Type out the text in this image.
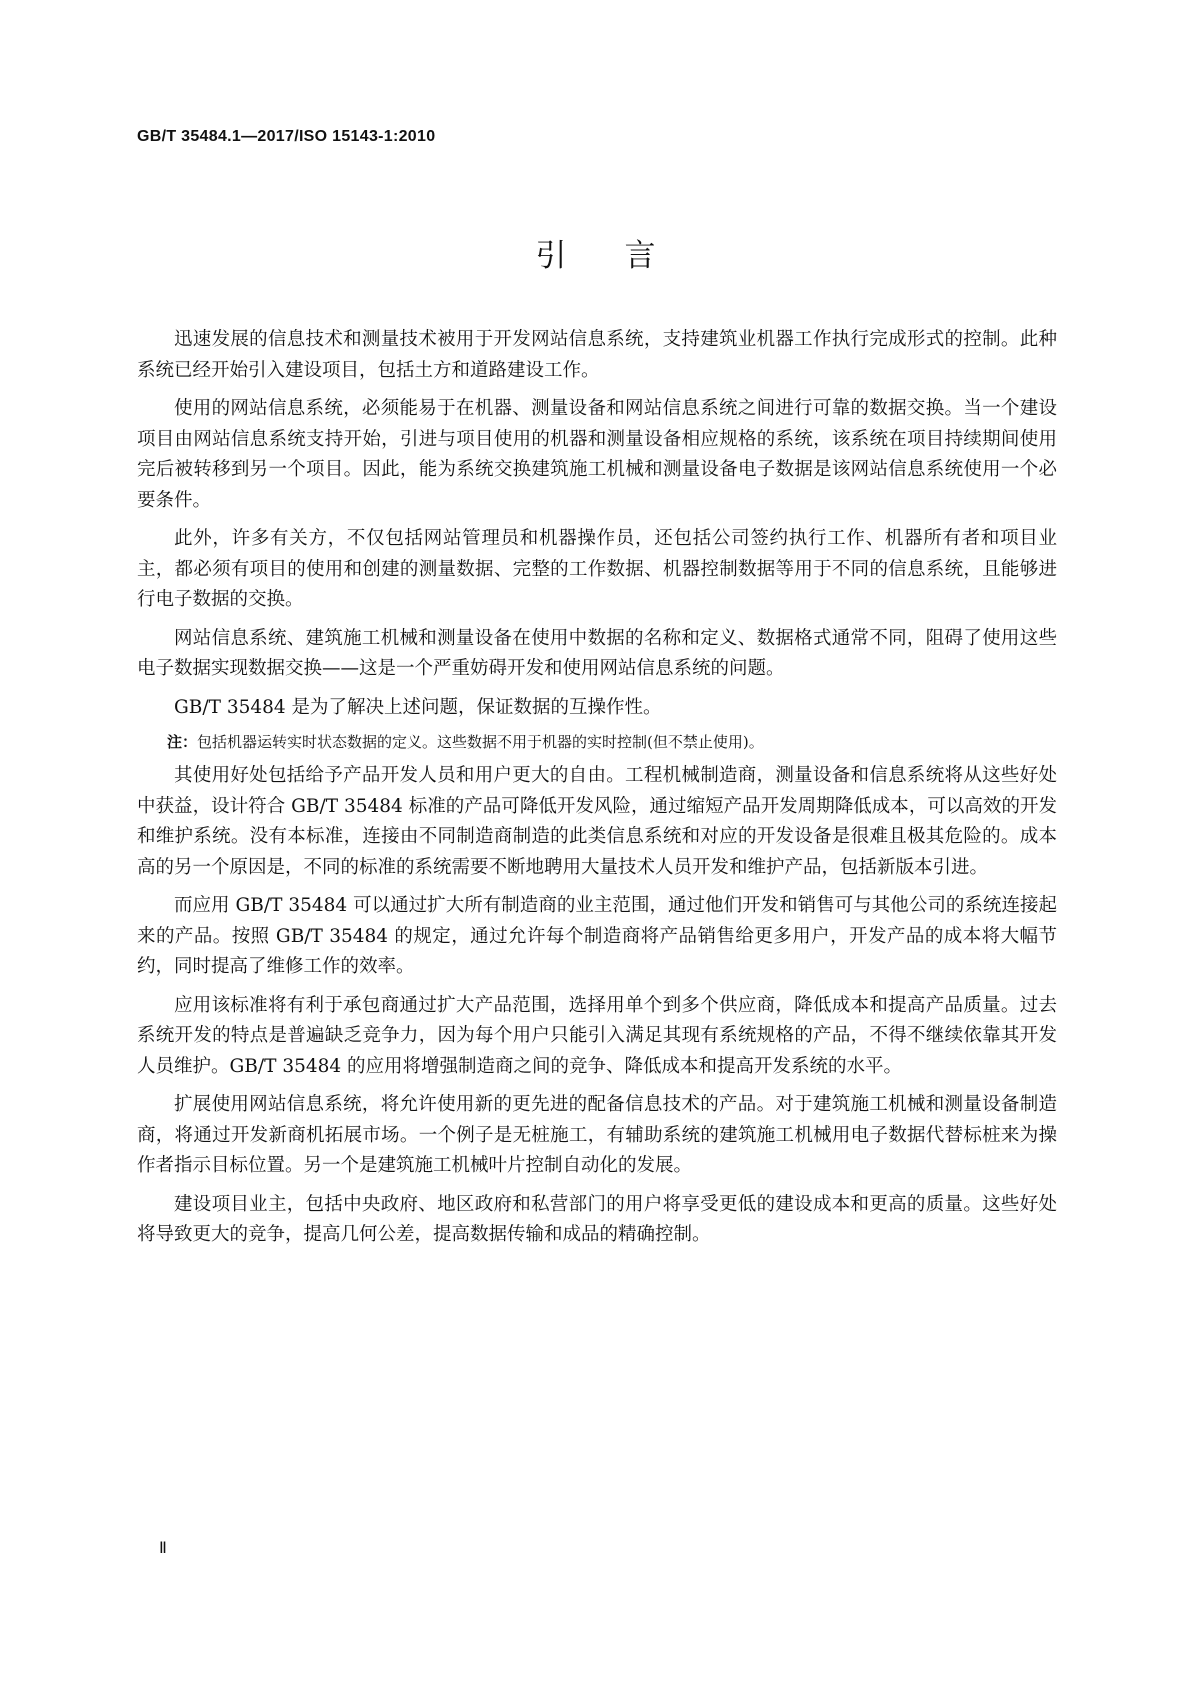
GB/T 35484.1—2017/ISO 15143-1:2010
引言

迅速发展的信息技术和测量技术被用于开发网站信息系统，支持建筑业机器工作执行完成形式的控制。此种系统已经开始引入建设项目，包括土方和道路建设工作。

使用的网站信息系统，必须能易于在机器、测量设备和网站信息系统之间进行可靠的数据交换。当一个建设项目由网站信息系统支持开始，引进与项目使用的机器和测量设备相应规格的系统，该系统在项目持续期间使用完后被转移到另一个项目。因此，能为系统交换建筑施工机械和测量设备电子数据是该网站信息系统使用一个必要条件。

此外，许多有关方，不仅包括网站管理员和机器操作员，还包括公司签约执行工作、机器所有者和项目业主，都必须有项目的使用和创建的测量数据、完整的工作数据、机器控制数据等用于不同的信息系统，且能够进行电子数据的交换。

网站信息系统、建筑施工机械和测量设备在使用中数据的名称和定义、数据格式通常不同，阻碍了使用这些电子数据实现数据交换——这是一个严重妨碍开发和使用网站信息系统的问题。

GB/T 35484 是为了解决上述问题，保证数据的互操作性。

注：包括机器运转实时状态数据的定义。这些数据不用于机器的实时控制(但不禁止使用)。

其使用好处包括给予产品开发人员和用户更大的自由。工程机械制造商，测量设备和信息系统将从这些好处中获益，设计符合 GB/T 35484 标准的产品可降低开发风险，通过缩短产品开发周期降低成本，可以高效的开发和维护系统。没有本标准，连接由不同制造商制造的此类信息系统和对应的开发设备是很难且极其危险的。成本高的另一个原因是，不同的标准的系统需要不断地聘用大量技术人员开发和维护产品，包括新版本引进。

而应用 GB/T 35484 可以通过扩大所有制造商的业主范围，通过他们开发和销售可与其他公司的系统连接起来的产品。按照 GB/T 35484 的规定，通过允许每个制造商将产品销售给更多用户，开发产品的成本将大幅节约，同时提高了维修工作的效率。

应用该标准将有利于承包商通过扩大产品范围，选择用单个到多个供应商，降低成本和提高产品质量。过去系统开发的特点是普遍缺乏竞争力，因为每个用户只能引入满足其现有系统规格的产品，不得不继续依靠其开发人员维护。GB/T 35484 的应用将增强制造商之间的竞争、降低成本和提高开发系统的水平。

扩展使用网站信息系统，将允许使用新的更先进的配备信息技术的产品。对于建筑施工机械和测量设备制造商，将通过开发新商机拓展市场。一个例子是无桩施工，有辅助系统的建筑施工机械用电子数据代替标桩来为操作者指示目标位置。另一个是建筑施工机械叶片控制自动化的发展。

建设项目业主，包括中央政府、地区政府和私营部门的用户将享受更低的建设成本和更高的质量。这些好处将导致更大的竞争，提高几何公差，提高数据传输和成品的精确控制。

Ⅱ
